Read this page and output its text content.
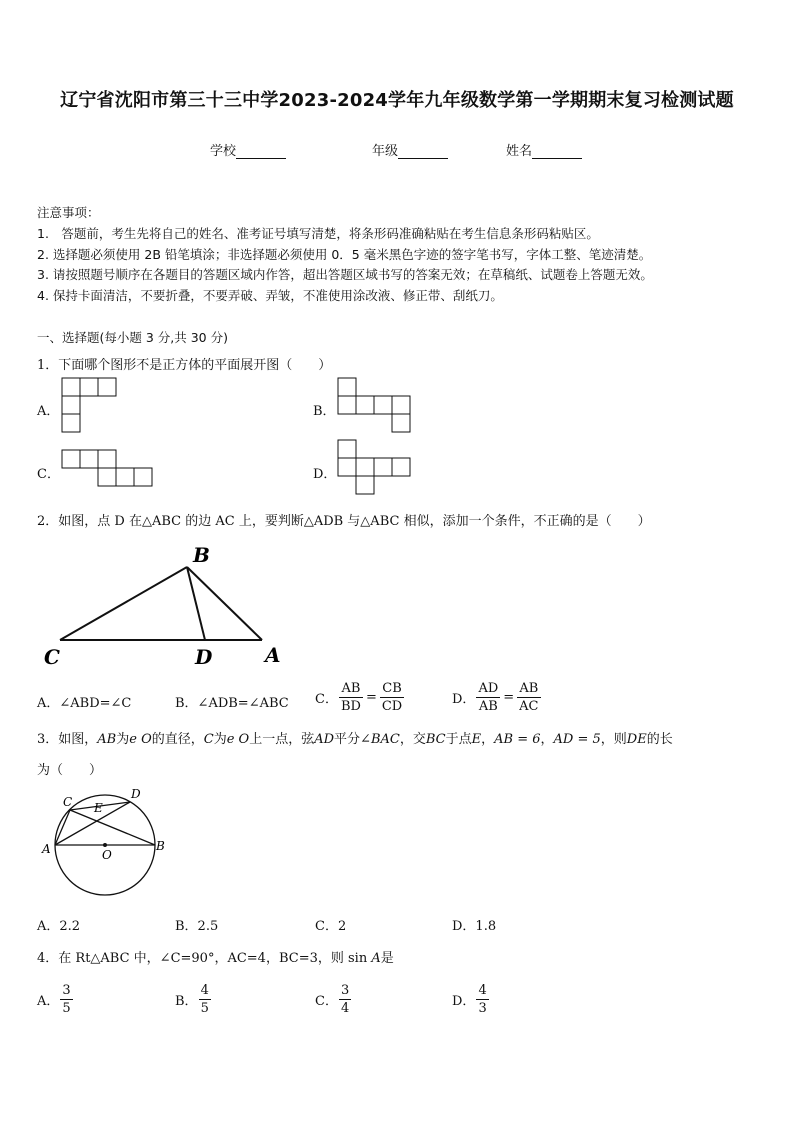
辽宁省沈阳市第三十三中学2023-2024学年九年级数学第一学期期末复习检测试题
学校	年级	姓名
注意事项：
1.　答题前，考生先将自己的姓名、准考证号填写清楚，将条形码准确粘贴在考生信息条形码粘贴区。
2. 选择题必须使用 2B 铅笔填涂；非选择题必须使用 0．5 毫米黑色字迹的签字笔书写，字体工整、笔迹清楚。
3. 请按照题号顺序在各题目的答题区域内作答，超出答题区域书写的答案无效；在草稿纸、试题卷上答题无效。
4. 保持卡面清洁，不要折叠，不要弄破、弄皱，不准使用涂改液、修正带、刮纸刀。
一、选择题(每小题 3 分,共 30 分)
1．下面哪个图形不是正方体的平面展开图（　　）
A．	B．
C．	D．
2．如图，点 D 在△ABC 的边 AC 上，要判断△ADB 与△ABC 相似，添加一个条件，不正确的是（　　）
B
C	D	A
A．∠ABD=∠C	B．∠ADB=∠ABC C． $\frac{AB}{BD} = \frac{CB}{CD}$	D． $\frac{AD}{AB} = \frac{AB}{AC}$
3．如图，AB为e O的直径，C为e O上一点，弦AD平分∠BAC，交BC于点E，AB = 6，AD = 5，则DE的长
为（　　）
C
D
E
A	O
B
A．2.2	B．2.5	C．2	D．1.8
4．在 Rt△ABC 中，∠C=90°，AC=4，BC=3，则 sin A是
A． $\frac{3}{5}$	B． $\frac{4}{5}$	C． $\frac{3}{4}$	D． $\frac{4}{3}$
